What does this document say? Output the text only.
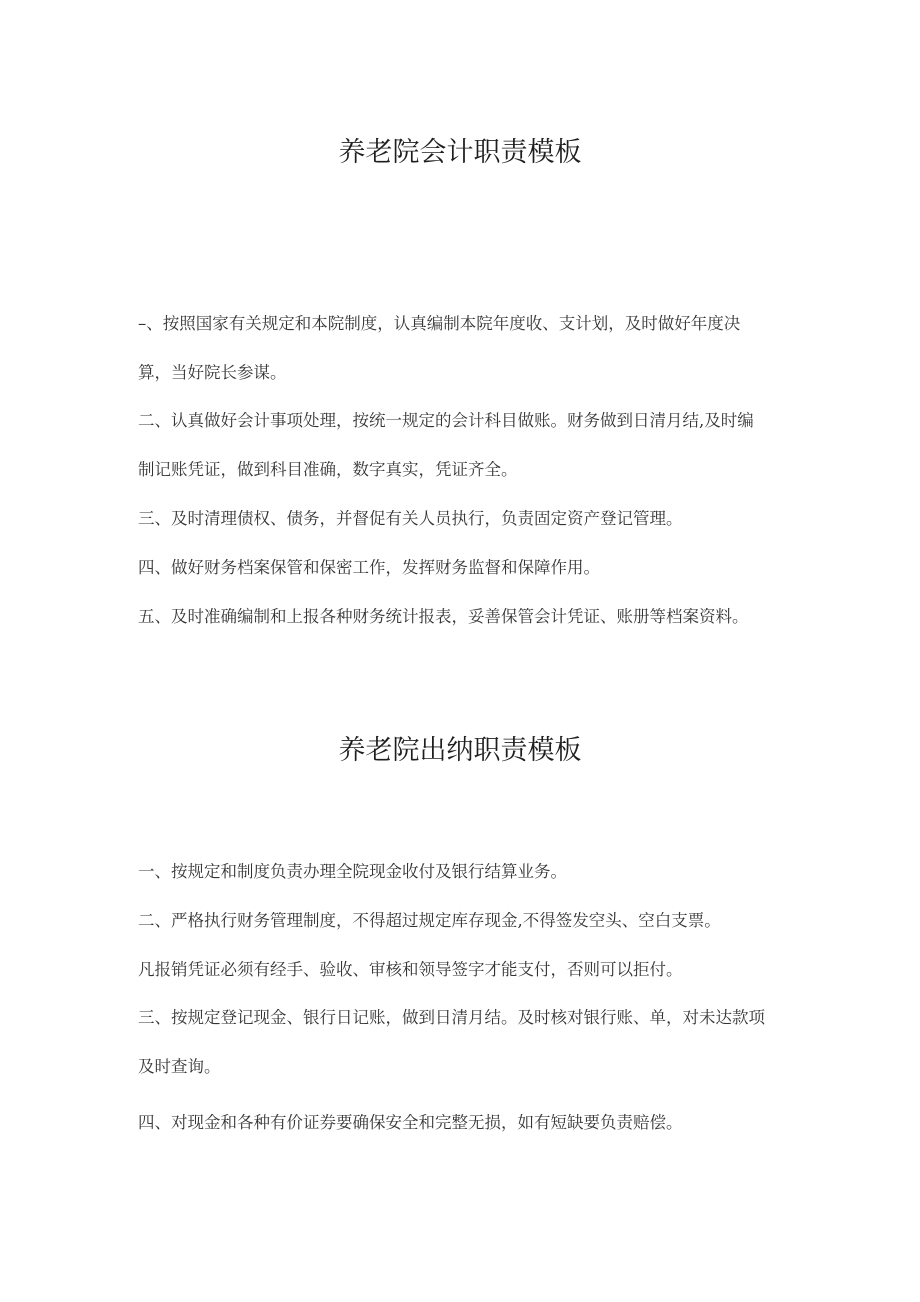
养老院会计职责模板

–、按照国家有关规定和本院制度，认真编制本院年度收、支计划，及时做好年度决

算，当好院长参谋。

二、认真做好会计事项处理，按统一规定的会计科目做账。财务做到日清月结,及时编

制记账凭证，做到科目准确，数字真实，凭证齐全。

三、及时清理债权、债务，并督促有关人员执行，负责固定资产登记管理。

四、做好财务档案保管和保密工作，发挥财务监督和保障作用。

五、及时准确编制和上报各种财务统计报表，妥善保管会计凭证、账册等档案资料。

养老院出纳职责模板

一、按规定和制度负责办理全院现金收付及银行结算业务。

二、严格执行财务管理制度，不得超过规定库存现金,不得签发空头、空白支票。

凡报销凭证必须有经手、验收、审核和领导签字才能支付，否则可以拒付。

三、按规定登记现金、银行日记账，做到日清月结。及时核对银行账、单，对未达款项

及时查询。

四、对现金和各种有价证券要确保安全和完整无损，如有短缺要负责赔偿。
